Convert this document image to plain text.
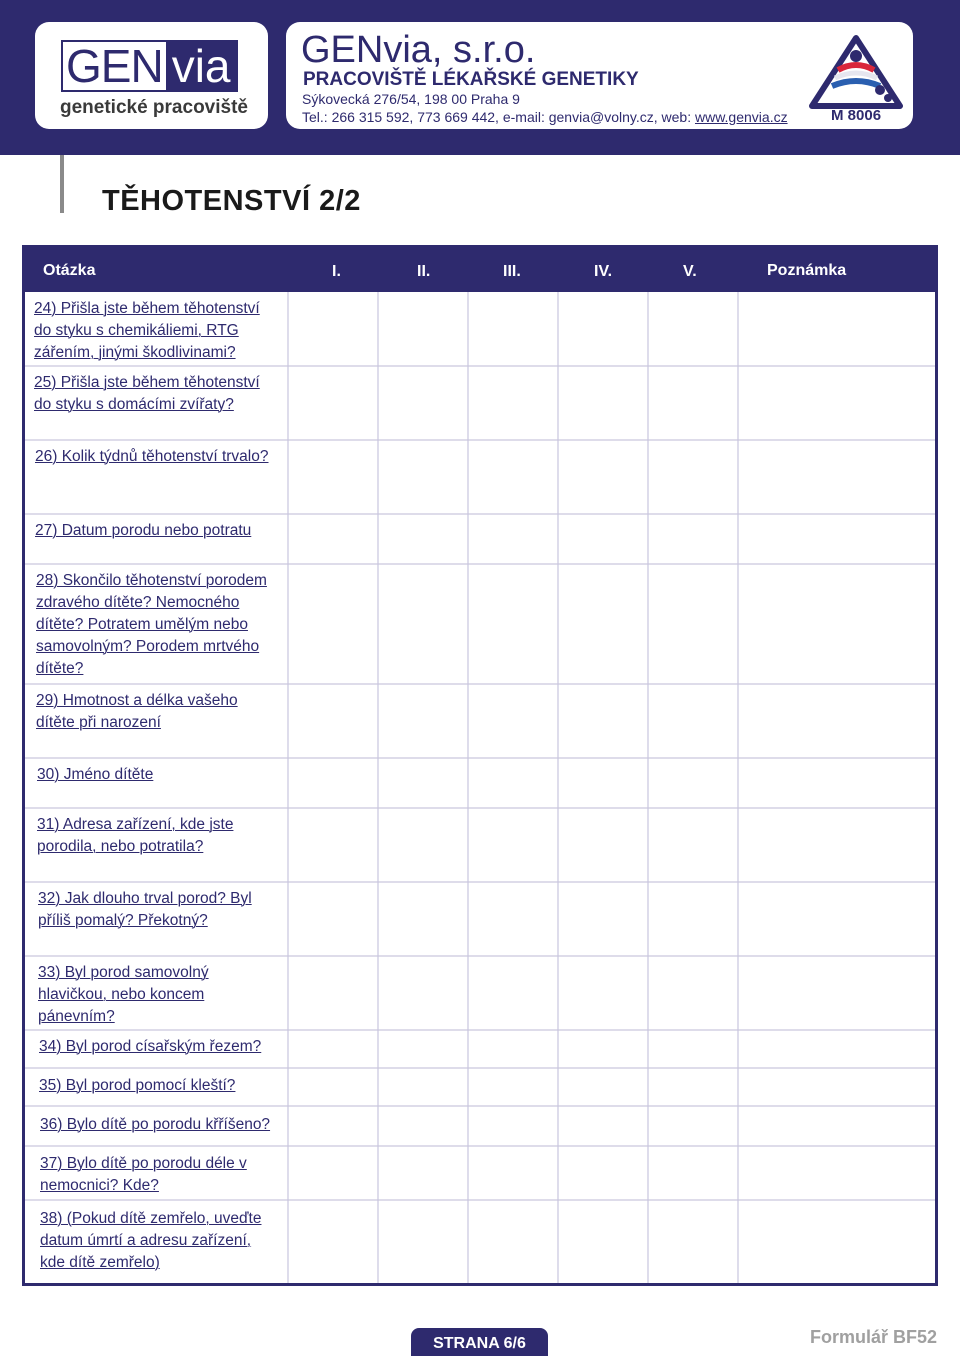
GEN via
genetické pracoviště
GENvia, s.r.o.
PRACOVIŠTĚ LÉKAŘSKÉ GENETIKY
Sýkovecká 276/54, 198 00 Praha 9
Tel.: 266 315 592, 773 669 442, e-mail: genvia@volny.cz, web: www.genvia.cz	M 8006
TĚHOTENSTVÍ 2/2
Otázka	I.	II.	III.	IV.	V.	Poznámka
24) Přišla jste během těhotenství do styku s chemikáliemi, RTG zářením, jinými škodlivinami?
25) Přišla jste během těhotenství do styku s domácími zvířaty?
26) Kolik týdnů těhotenství trvalo?
27) Datum porodu nebo potratu
28) Skončilo těhotenství porodem zdravého dítěte? Nemocného dítěte? Potratem umělým nebo samovolným? Porodem mrtvého dítěte?
29) Hmotnost a délka vašeho dítěte při narození
30) Jméno dítěte
31) Adresa zařízení, kde jste porodila, nebo potratila?
32) Jak dlouho trval porod? Byl příliš pomalý? Překotný?
33) Byl porod samovolný hlavičkou, nebo koncem pánevním?
34) Byl porod císařským řezem?
35) Byl porod pomocí kleští?
36) Bylo dítě po porodu křříšeno?
37) Bylo dítě po porodu déle v nemocnici? Kde?
38) (Pokud dítě zemřelo, uveďte datum úmrtí a adresu zařízení, kde dítě zemřelo)
STRANA 6/6	Formulář BF52
